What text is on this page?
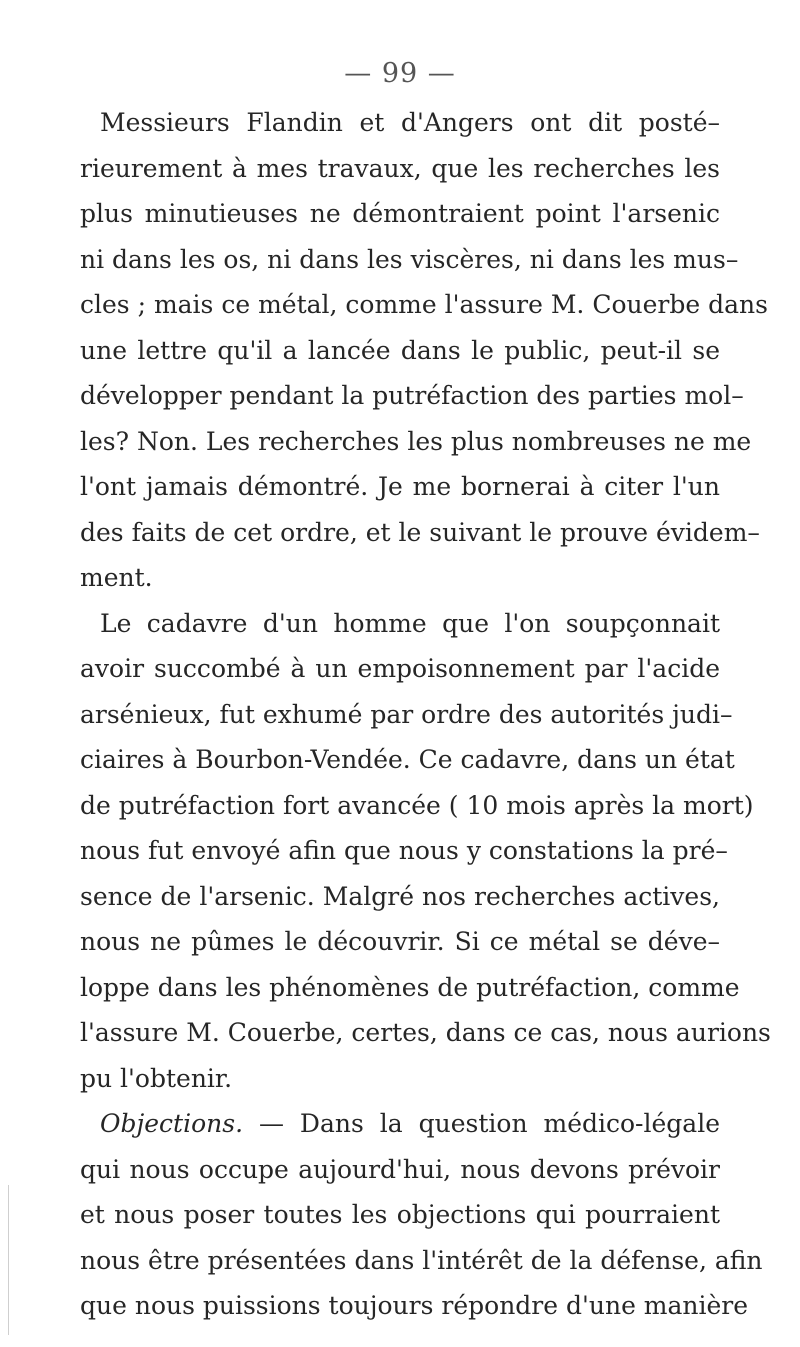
— 99 —
Messieurs Flandin et d'Angers ont dit posté–
rieurement à mes travaux, que les recherches les
plus minutieuses ne démontraient point l'arsenic
ni dans les os, ni dans les viscères, ni dans les mus–
cles ; mais ce métal, comme l'assure M. Couerbe dans
une lettre qu'il a lancée dans le public, peut-il se
développer pendant la putréfaction des parties mol–
les? Non. Les recherches les plus nombreuses ne me
l'ont jamais démontré. Je me bornerai à citer l'un
des faits de cet ordre, et le suivant le prouve évidem–
ment.
Le cadavre d'un homme que l'on soupçonnait
avoir succombé à un empoisonnement par l'acide
arsénieux, fut exhumé par ordre des autorités judi–
ciaires à Bourbon-Vendée. Ce cadavre, dans un état
de putréfaction fort avancée ( 10 mois après la mort)
nous fut envoyé afin que nous y constations la pré–
sence de l'arsenic. Malgré nos recherches actives,
nous ne pûmes le découvrir. Si ce métal se déve–
loppe dans les phénomènes de putréfaction, comme
l'assure M. Couerbe, certes, dans ce cas, nous aurions
pu l'obtenir.
Objections. — Dans la question médico-légale
qui nous occupe aujourd'hui, nous devons prévoir
et nous poser toutes les objections qui pourraient
nous être présentées dans l'intérêt de la défense, afin
que nous puissions toujours répondre d'une manière
